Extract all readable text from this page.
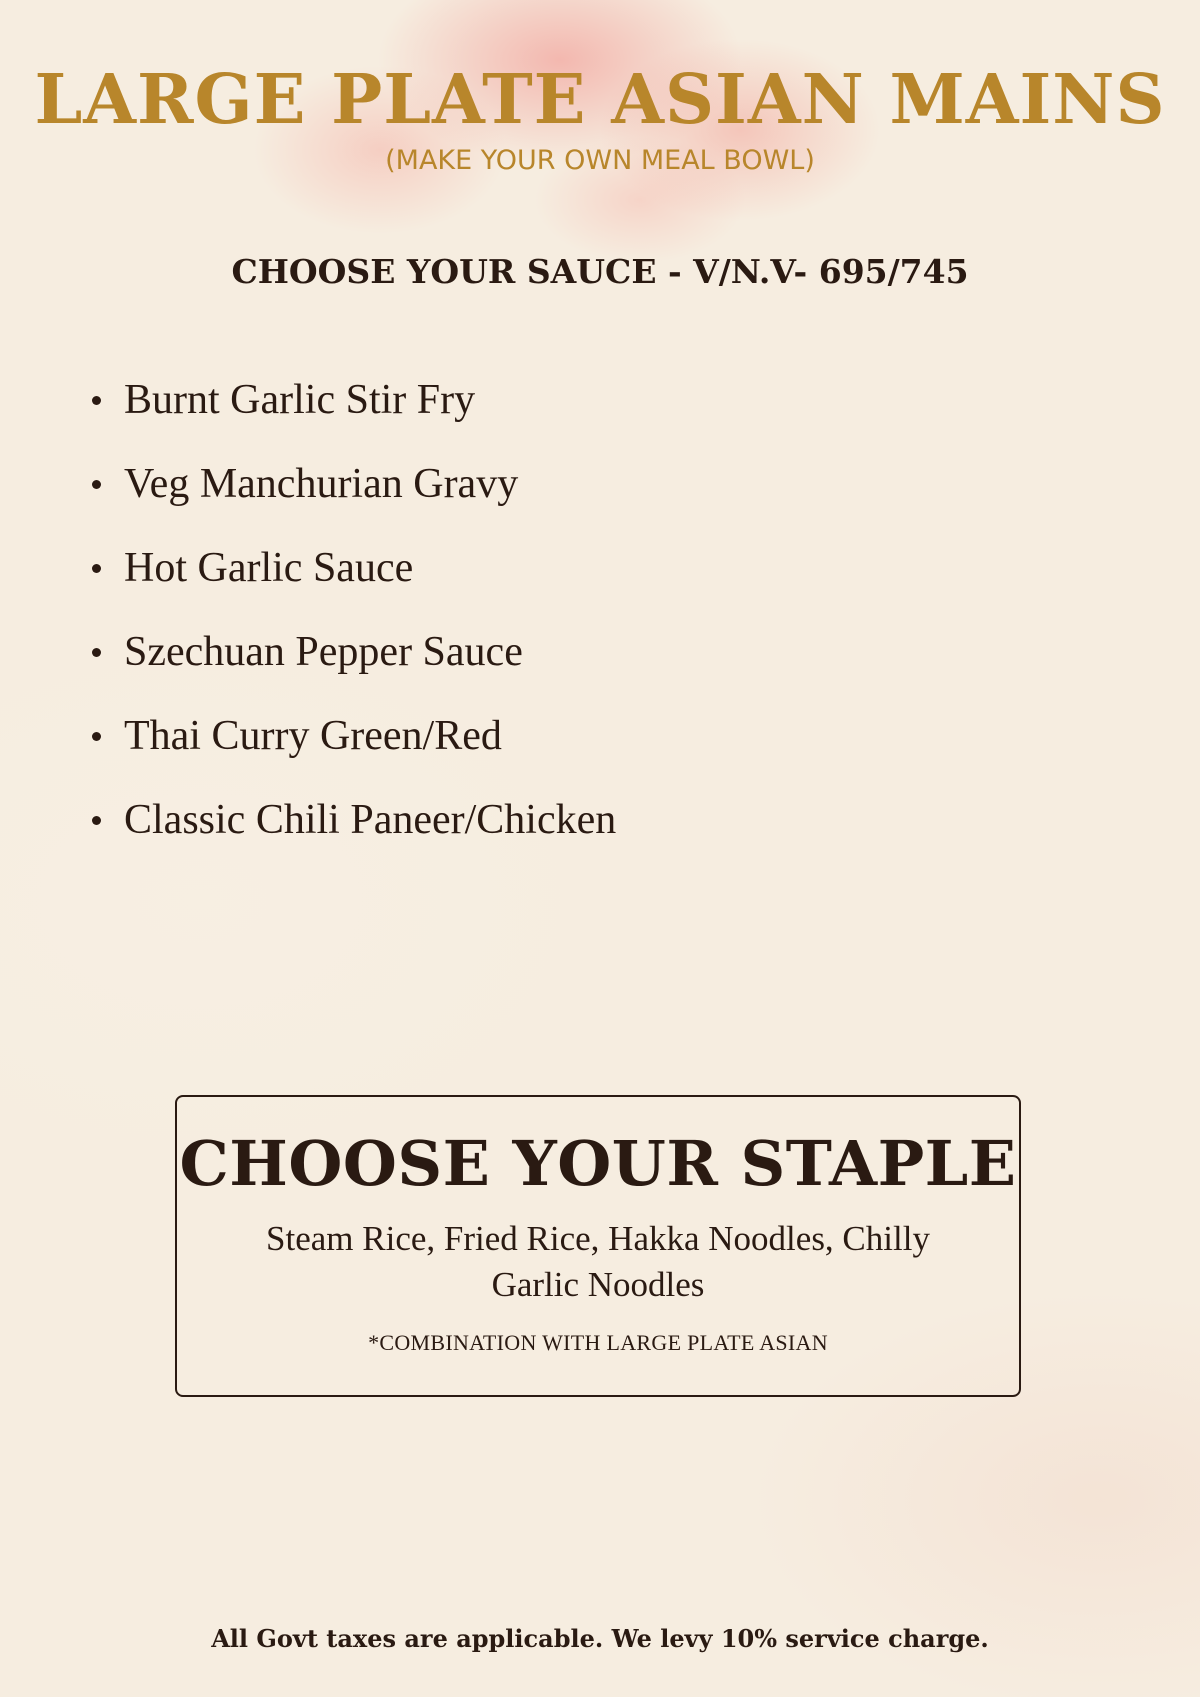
LARGE PLATE ASIAN MAINS

(MAKE YOUR OWN MEAL BOWL)

CHOOSE YOUR SAUCE - V/N.V- 695/745
Burnt Garlic Stir Fry
Veg Manchurian Gravy
Hot Garlic Sauce
Szechuan Pepper Sauce
Thai Curry Green/Red
Classic Chili Paneer/Chicken
CHOOSE YOUR STAPLE

Steam Rice, Fried Rice, Hakka Noodles, Chilly Garlic Noodles

*COMBINATION WITH LARGE PLATE ASIAN

All Govt taxes are applicable. We levy 10% service charge.
